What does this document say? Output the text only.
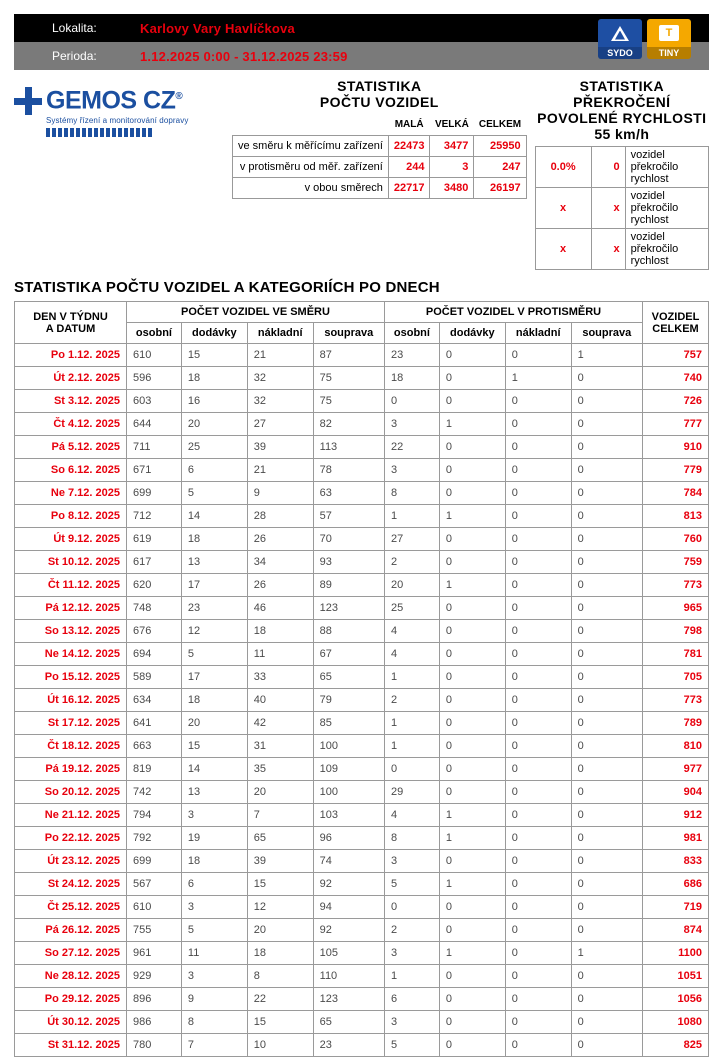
Lokalita:	Karlovy Vary Havlíčkova
Perioda:	1.12.2025 0:00 - 31.12.2025 23:59	SYDO
T
TINY
GEMOS CZ®
Systémy řízení a monitorování dopravy
STATISTIKA
POČTU VOZIDEL
	MALÁ	VELKÁ	CELKEM
ve směru k měřícímu zařízení	22473	3477	25950
v protisměru od měř. zařízení	244	3	247
v obou směrech	22717	3480	26197
STATISTIKA PŘEKROČENÍ
POVOLENÉ RYCHLOSTI
55 km/h
0.0%	0	vozidel překročilo rychlost
x	x	vozidel překročilo rychlost
x	x	vozidel překročilo rychlost
STATISTIKA POČTU VOZIDEL A KATEGORIÍCH PO DNECH
DEN V TÝDNU
A DATUM
	POČET VOZIDEL VE SMĚRU	POČET VOZIDEL V PROTISMĚRU	VOZIDEL
CELKEM

	osobní	dodávky	nákladní	souprava	osobní	dodávky	nákladní	souprava	
Po 1.12. 2025	610	15	21	87	23	0	0	1	757
Út 2.12. 2025	596	18	32	75	18	0	1	0	740
St 3.12. 2025	603	16	32	75	0	0	0	0	726
Čt 4.12. 2025	644	20	27	82	3	1	0	0	777
Pá 5.12. 2025	711	25	39	113	22	0	0	0	910
So 6.12. 2025	671	6	21	78	3	0	0	0	779
Ne 7.12. 2025	699	5	9	63	8	0	0	0	784
Po 8.12. 2025	712	14	28	57	1	1	0	0	813
Út 9.12. 2025	619	18	26	70	27	0	0	0	760
St 10.12. 2025	617	13	34	93	2	0	0	0	759
Čt 11.12. 2025	620	17	26	89	20	1	0	0	773
Pá 12.12. 2025	748	23	46	123	25	0	0	0	965
So 13.12. 2025	676	12	18	88	4	0	0	0	798
Ne 14.12. 2025	694	5	11	67	4	0	0	0	781
Po 15.12. 2025	589	17	33	65	1	0	0	0	705
Út 16.12. 2025	634	18	40	79	2	0	0	0	773
St 17.12. 2025	641	20	42	85	1	0	0	0	789
Čt 18.12. 2025	663	15	31	100	1	0	0	0	810
Pá 19.12. 2025	819	14	35	109	0	0	0	0	977
So 20.12. 2025	742	13	20	100	29	0	0	0	904
Ne 21.12. 2025	794	3	7	103	4	1	0	0	912
Po 22.12. 2025	792	19	65	96	8	1	0	0	981
Út 23.12. 2025	699	18	39	74	3	0	0	0	833
St 24.12. 2025	567	6	15	92	5	1	0	0	686
Čt 25.12. 2025	610	3	12	94	0	0	0	0	719
Pá 26.12. 2025	755	5	20	92	2	0	0	0	874
So 27.12. 2025	961	11	18	105	3	1	0	1	1100
Ne 28.12. 2025	929	3	8	110	1	0	0	0	1051
Po 29.12. 2025	896	9	22	123	6	0	0	0	1056
Út 30.12. 2025	986	8	15	65	3	0	0	0	1080
St 31.12. 2025	780	7	10	23	5	0	0	0	825
